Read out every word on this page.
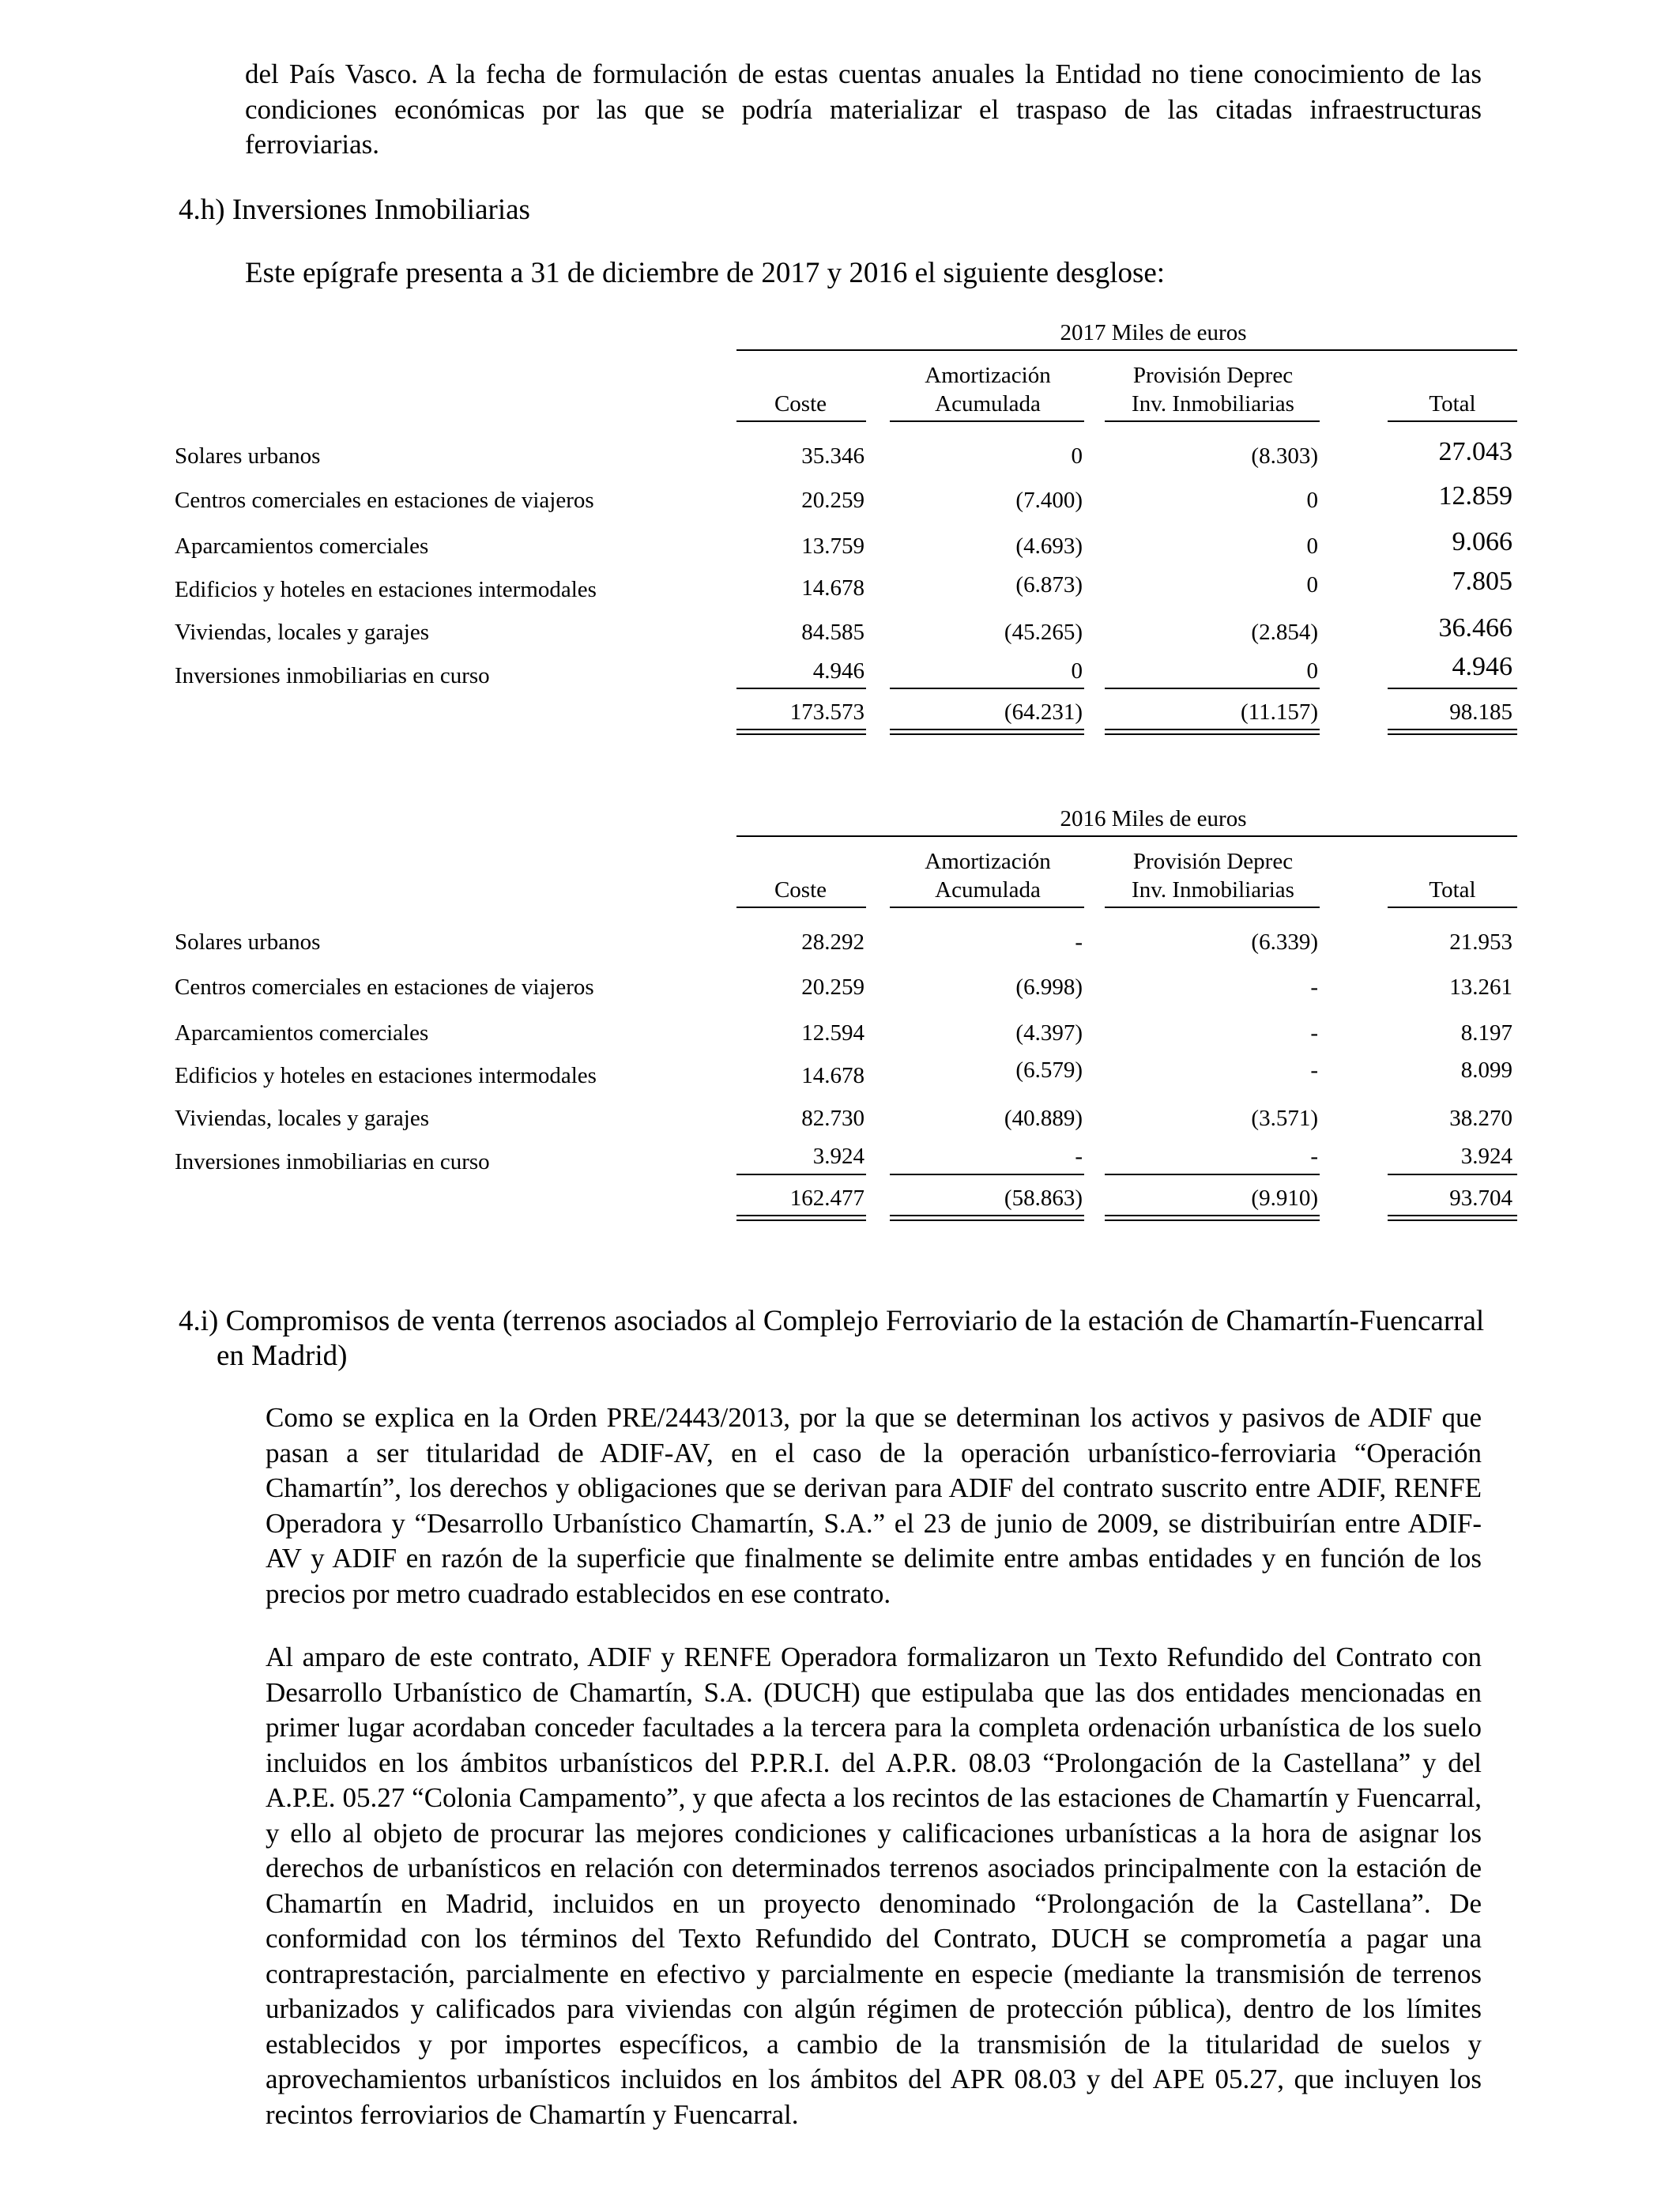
del País Vasco. A la fecha de formulación de estas cuentas anuales la Entidad no tiene conocimiento de las condiciones económicas por las que se podría materializar el traspaso de las citadas infraestructuras ferroviarias.

4.h) Inversiones Inmobiliarias

Este epígrafe presenta a 31 de diciembre de 2017 y 2016 el siguiente desglose:

2017 Miles de euros
Amortización	Provisión Deprec
Coste	Acumulada	Inv. Inmobiliarias	Total
Solares urbanos	35.346	0	(8.303)	27.043
Centros comerciales en estaciones de viajeros	20.259	(7.400)	0	12.859
Aparcamientos comerciales	13.759	(4.693)	0	9.066
Edificios y hoteles en estaciones intermodales	14.678	(6.873)	0	7.805
Viviendas, locales y garajes	84.585	(45.265)	(2.854)	36.466
Inversiones inmobiliarias en curso	4.946	0	0	4.946
173.573	(64.231)	(11.157)	98.185
2016 Miles de euros
Amortización	Provisión Deprec
Coste	Acumulada	Inv. Inmobiliarias	Total
Solares urbanos	28.292	-	(6.339)	21.953
Centros comerciales en estaciones de viajeros	20.259	(6.998)	-	13.261
Aparcamientos comerciales	12.594	(4.397)	-	8.197
Edificios y hoteles en estaciones intermodales	14.678	(6.579)	-	8.099
Viviendas, locales y garajes	82.730	(40.889)	(3.571)	38.270
Inversiones inmobiliarias en curso	3.924	-	-	3.924
162.477	(58.863)	(9.910)	93.704

4.i) Compromisos de venta (terrenos asociados al Complejo Ferroviario de la estación de Chamartín-Fuencarral en Madrid)

Como se explica en la Orden PRE/2443/2013, por la que se determinan los activos y pasivos de ADIF que pasan a ser titularidad de ADIF-AV, en el caso de la operación urbanístico-ferroviaria “Operación Chamartín”, los derechos y obligaciones que se derivan para ADIF del contrato suscrito entre ADIF, RENFE Operadora y “Desarrollo Urbanístico Chamartín, S.A.” el 23 de junio de 2009, se distribuirían entre ADIF-AV y ADIF en razón de la superficie que finalmente se delimite entre ambas entidades y en función de los precios por metro cuadrado establecidos en ese contrato.

Al amparo de este contrato, ADIF y RENFE Operadora formalizaron un Texto Refundido del Contrato con Desarrollo Urbanístico de Chamartín, S.A. (DUCH) que estipulaba que las dos entidades mencionadas en primer lugar acordaban conceder facultades a la tercera para la completa ordenación urbanística de los suelo incluidos en los ámbitos urbanísticos del P.P.R.I. del A.P.R. 08.03 “Prolongación de la Castellana” y del A.P.E. 05.27 “Colonia Campamento”, y que afecta a los recintos de las estaciones de Chamartín y Fuencarral, y ello al objeto de procurar las mejores condiciones y calificaciones urbanísticas a la hora de asignar los derechos de urbanísticos en relación con determinados terrenos asociados principalmente con la estación de Chamartín en Madrid, incluidos en un proyecto denominado “Prolongación de la Castellana”. De conformidad con los términos del Texto Refundido del Contrato, DUCH se comprometía a pagar una contraprestación, parcialmente en efectivo y parcialmente en especie (mediante la transmisión de terrenos urbanizados y calificados para viviendas con algún régimen de protección pública), dentro de los límites establecidos y por importes específicos, a cambio de la transmisión de la titularidad de suelos y aprovechamientos urbanísticos incluidos en los ámbitos del APR 08.03 y del APE 05.27, que incluyen los recintos ferroviarios de Chamartín y Fuencarral.
